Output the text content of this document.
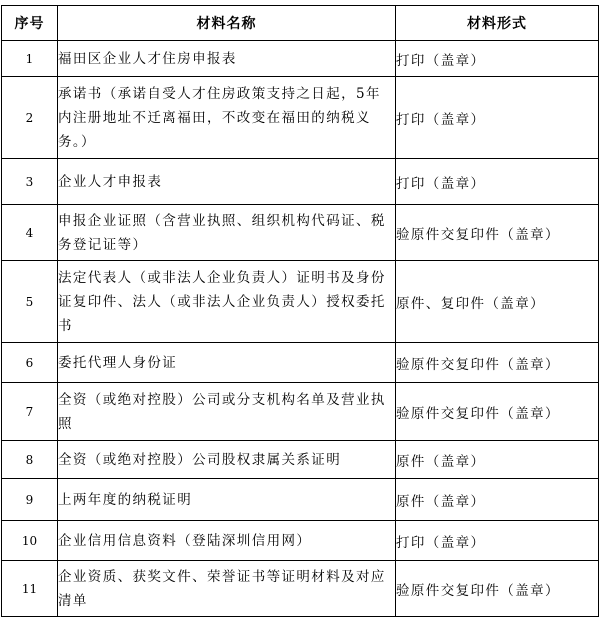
序号	材料名称	材料形式
1	福田区企业人才住房申报表	打印（盖章）
2	承诺书（承诺自受人才住房政策支持之日起，5年内注册地址不迁离福田，不改变在福田的纳税义务。）	打印（盖章）
3	企业人才申报表	打印（盖章）
4	申报企业证照（含营业执照、组织机构代码证、税务登记证等）	验原件交复印件（盖章）
5	法定代表人（或非法人企业负责人）证明书及身份证复印件、法人（或非法人企业负责人）授权委托书	原件、复印件（盖章）
6	委托代理人身份证	验原件交复印件（盖章）
7	全资（或绝对控股）公司或分支机构名单及营业执照	验原件交复印件（盖章）
8	全资（或绝对控股）公司股权隶属关系证明	原件（盖章）
9	上两年度的纳税证明	原件（盖章）
10	企业信用信息资料（登陆深圳信用网）	打印（盖章）
11	企业资质、获奖文件、荣誉证书等证明材料及对应清单	验原件交复印件（盖章）
